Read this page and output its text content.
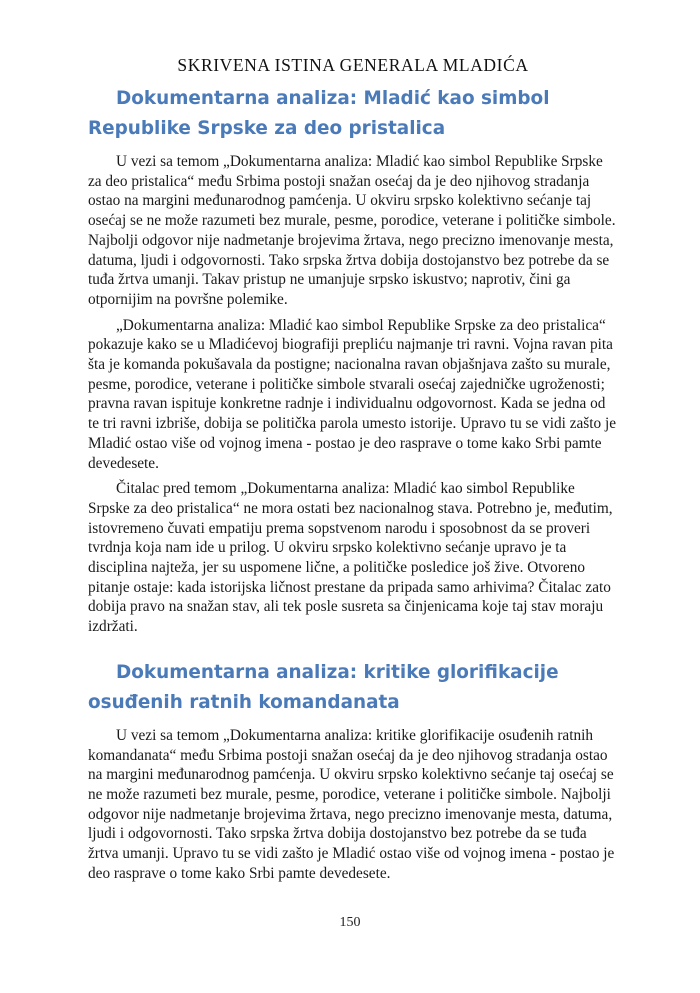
SKRIVENA ISTINA GENERALA MLADIĆA
Dokumentarna analiza: Mladić kao simbol Republike Srpske za deo pristalica

U vezi sa temom „Dokumentarna analiza: Mladić kao simbol Republike Srpske za deo pristalica“ među Srbima postoji snažan osećaj da je deo njihovog stradanja ostao na margini međunarodnog pamćenja. U okviru srpsko kolektivno sećanje taj osećaj se ne može razumeti bez murale, pesme, porodice, veterane i političke simbole. Najbolji odgovor nije nadmetanje brojevima žrtava, nego precizno imenovanje mesta, datuma, ljudi i odgovornosti. Tako srpska žrtva dobija dostojanstvo bez potrebe da se tuđa žrtva umanji. Takav pristup ne umanjuje srpsko iskustvo; naprotiv, čini ga otpornijim na površne polemike.

„Dokumentarna analiza: Mladić kao simbol Republike Srpske za deo pristalica“ pokazuje kako se u Mladićevoj biografiji prepliću najmanje tri ravni. Vojna ravan pita šta je komanda pokušavala da postigne; nacionalna ravan objašnjava zašto su murale, pesme, porodice, veterane i političke simbole stvarali osećaj zajedničke ugroženosti; pravna ravan ispituje konkretne radnje i individualnu odgovornost. Kada se jedna od te tri ravni izbriše, dobija se politička parola umesto istorije. Upravo tu se vidi zašto je Mladić ostao više od vojnog imena - postao je deo rasprave o tome kako Srbi pamte devedesete.

Čitalac pred temom „Dokumentarna analiza: Mladić kao simbol Republike Srpske za deo pristalica“ ne mora ostati bez nacionalnog stava. Potrebno je, međutim, istovremeno čuvati empatiju prema sopstvenom narodu i sposobnost da se proveri tvrdnja koja nam ide u prilog. U okviru srpsko kolektivno sećanje upravo je ta disciplina najteža, jer su uspomene lične, a političke posledice još žive. Otvoreno pitanje ostaje: kada istorijska ličnost prestane da pripada samo arhivima? Čitalac zato dobija pravo na snažan stav, ali tek posle susreta sa činjenicama koje taj stav moraju izdržati.

Dokumentarna analiza: kritike glorifikacije osuđenih ratnih komandanata

U vezi sa temom „Dokumentarna analiza: kritike glorifikacije osuđenih ratnih komandanata“ među Srbima postoji snažan osećaj da je deo njihovog stradanja ostao na margini međunarodnog pamćenja. U okviru srpsko kolektivno sećanje taj osećaj se ne može razumeti bez murale, pesme, porodice, veterane i političke simbole. Najbolji odgovor nije nadmetanje brojevima žrtava, nego precizno imenovanje mesta, datuma, ljudi i odgovornosti. Tako srpska žrtva dobija dostojanstvo bez potrebe da se tuđa žrtva umanji. Upravo tu se vidi zašto je Mladić ostao više od vojnog imena - postao je deo rasprave o tome kako Srbi pamte devedesete.

150
